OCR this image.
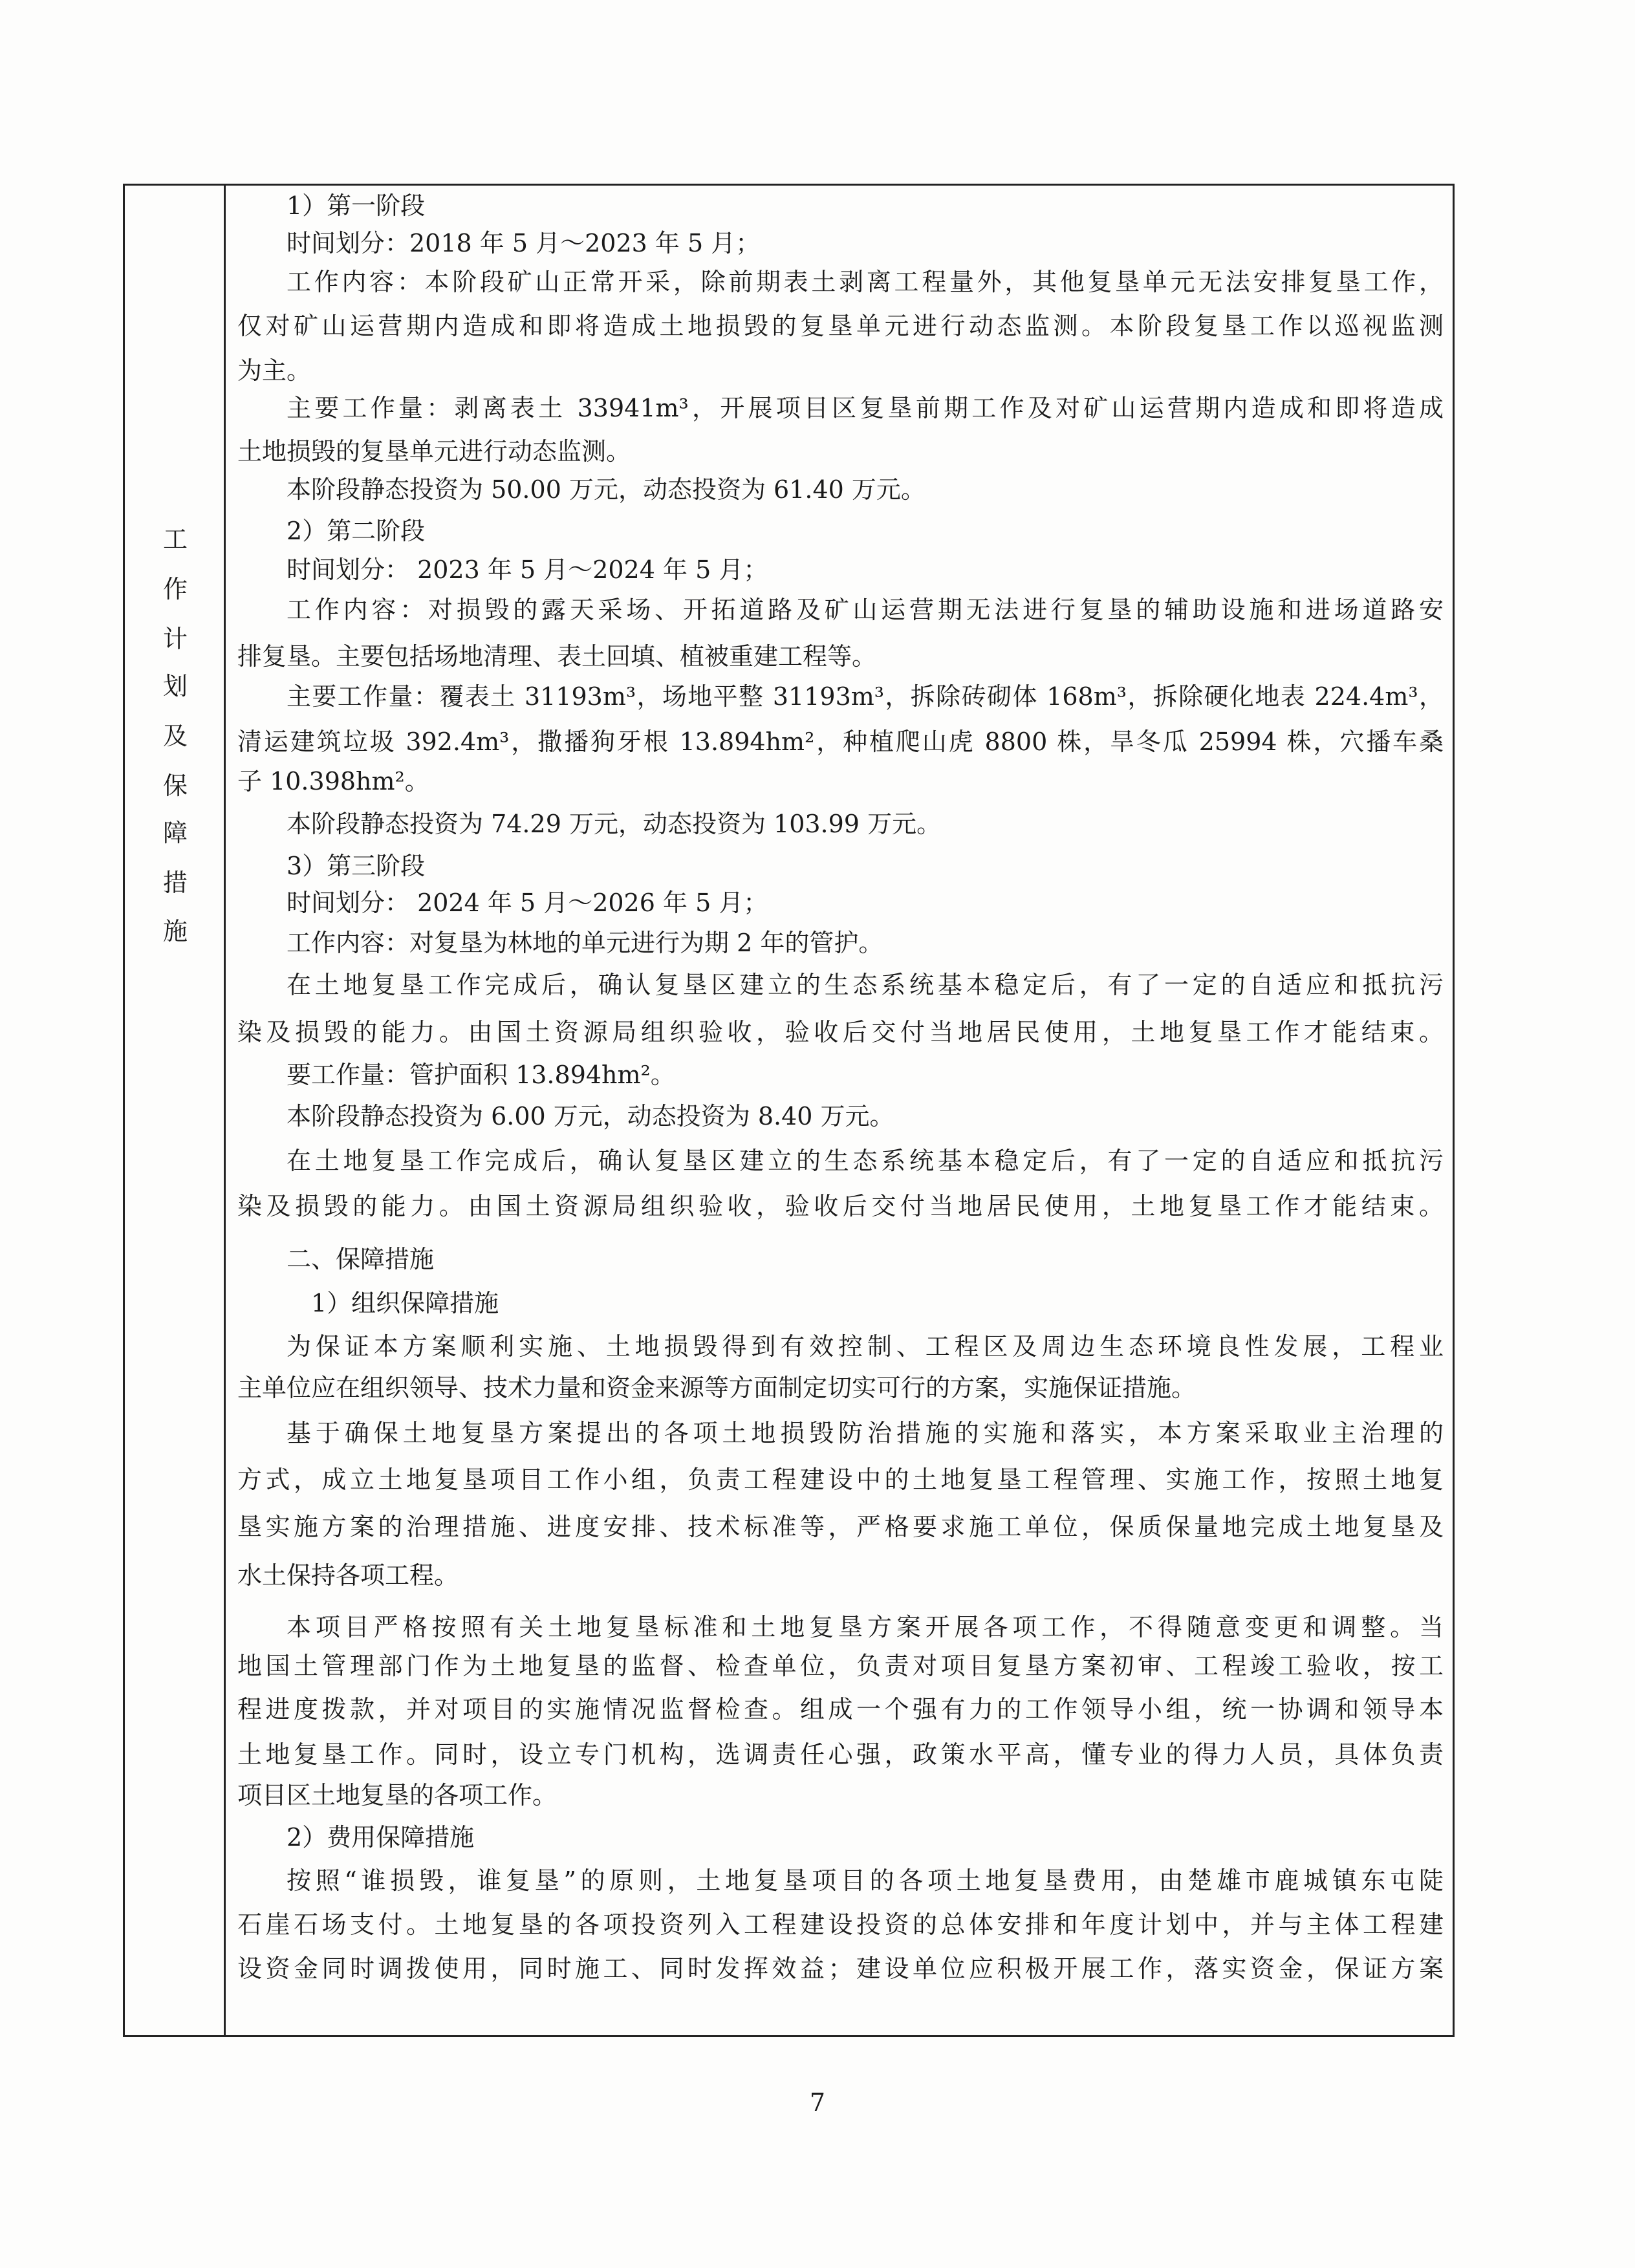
工
作
计
划
及
保
障
措
施
1）第一阶段
时间划分：2018 年 5 月～2023 年 5 月；
工作内容：本阶段矿山正常开采，除前期表土剥离工程量外，其他复垦单元无法安排复垦工作，
仅对矿山运营期内造成和即将造成土地损毁的复垦单元进行动态监测。本阶段复垦工作以巡视监测
为主。
主要工作量：剥离表土 33941m³，开展项目区复垦前期工作及对矿山运营期内造成和即将造成
土地损毁的复垦单元进行动态监测。
本阶段静态投资为 50.00 万元，动态投资为 61.40 万元。
2）第二阶段
时间划分： 2023 年 5 月～2024 年 5 月；
工作内容：对损毁的露天采场、开拓道路及矿山运营期无法进行复垦的辅助设施和进场道路安
排复垦。主要包括场地清理、表土回填、植被重建工程等。
主要工作量：覆表土 31193m³，场地平整 31193m³，拆除砖砌体 168m³，拆除硬化地表 224.4m³，
清运建筑垃圾 392.4m³，撒播狗牙根 13.894hm²，种植爬山虎 8800 株，旱冬瓜 25994 株，穴播车桑
子 10.398hm²。
本阶段静态投资为 74.29 万元，动态投资为 103.99 万元。
3）第三阶段
时间划分： 2024 年 5 月～2026 年 5 月；
工作内容：对复垦为林地的单元进行为期 2 年的管护。
在土地复垦工作完成后，确认复垦区建立的生态系统基本稳定后，有了一定的自适应和抵抗污
染及损毁的能力。由国土资源局组织验收，验收后交付当地居民使用，土地复垦工作才能结束。
要工作量：管护面积 13.894hm²。
本阶段静态投资为 6.00 万元，动态投资为 8.40 万元。
在土地复垦工作完成后，确认复垦区建立的生态系统基本稳定后，有了一定的自适应和抵抗污
染及损毁的能力。由国土资源局组织验收，验收后交付当地居民使用，土地复垦工作才能结束。
二、保障措施
1）组织保障措施
为保证本方案顺利实施、土地损毁得到有效控制、工程区及周边生态环境良性发展，工程业
主单位应在组织领导、技术力量和资金来源等方面制定切实可行的方案，实施保证措施。
基于确保土地复垦方案提出的各项土地损毁防治措施的实施和落实，本方案采取业主治理的
方式，成立土地复垦项目工作小组，负责工程建设中的土地复垦工程管理、实施工作，按照土地复
垦实施方案的治理措施、进度安排、技术标准等，严格要求施工单位，保质保量地完成土地复垦及
水土保持各项工程。
本项目严格按照有关土地复垦标准和土地复垦方案开展各项工作，不得随意变更和调整。当
地国土管理部门作为土地复垦的监督、检查单位，负责对项目复垦方案初审、工程竣工验收，按工
程进度拨款，并对项目的实施情况监督检查。组成一个强有力的工作领导小组，统一协调和领导本
土地复垦工作。同时，设立专门机构，选调责任心强，政策水平高，懂专业的得力人员，具体负责
项目区土地复垦的各项工作。
2）费用保障措施
按照“谁损毁，谁复垦”的原则，土地复垦项目的各项土地复垦费用，由楚雄市鹿城镇东屯陡
石崖石场支付。土地复垦的各项投资列入工程建设投资的总体安排和年度计划中，并与主体工程建
设资金同时调拨使用，同时施工、同时发挥效益；建设单位应积极开展工作，落实资金，保证方案
7
